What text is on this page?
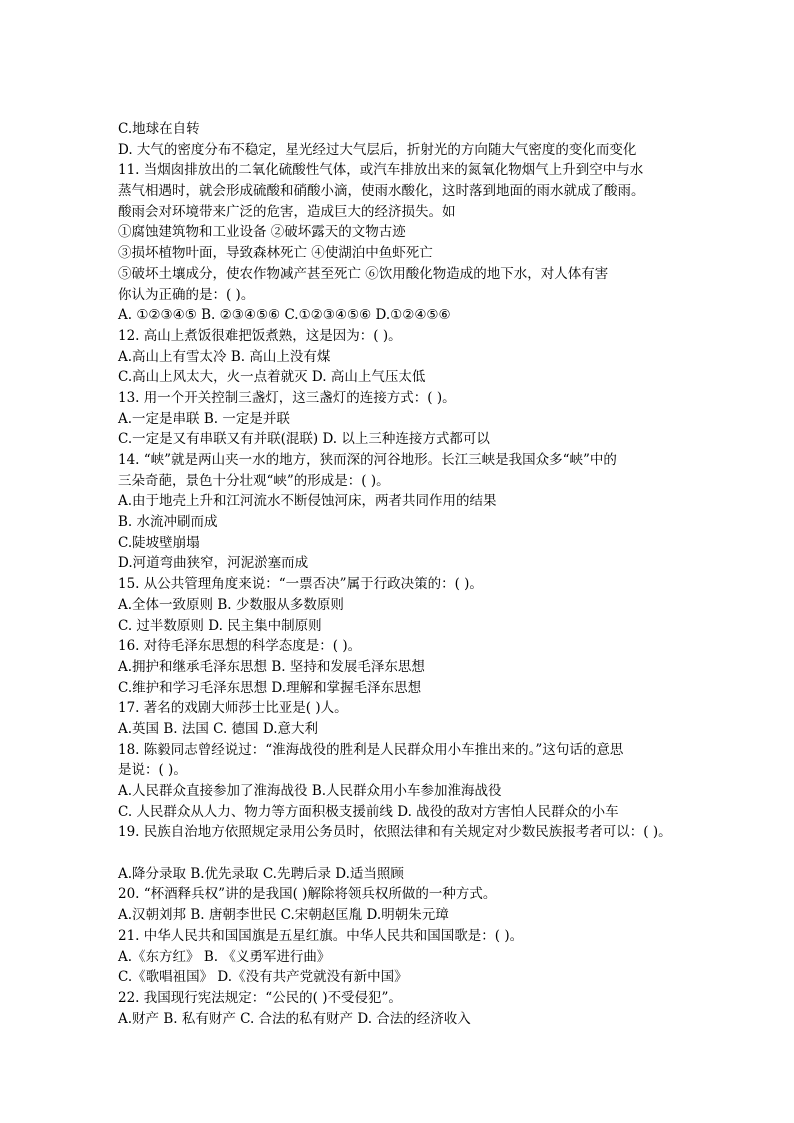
C.地球在自转
D. 大气的密度分布不稳定，星光经过大气层后，折射光的方向随大气密度的变化而变化
11. 当烟囱排放出的二氧化硫酸性气体，或汽车排放出来的氮氧化物烟气上升到空中与水
蒸气相遇时，就会形成硫酸和硝酸小滴，使雨水酸化，这时落到地面的雨水就成了酸雨。
酸雨会对环境带来广泛的危害，造成巨大的经济损失。如
①腐蚀建筑物和工业设备 ②破坏露天的文物古迹
③损坏植物叶面，导致森林死亡 ④使湖泊中鱼虾死亡
⑤破坏土壤成分，使农作物减产甚至死亡 ⑥饮用酸化物造成的地下水，对人体有害
你认为正确的是：( )。
A. ①②③④⑤ B. ②③④⑤⑥ C.①②③④⑤⑥ D.①②④⑤⑥
12. 高山上煮饭很难把饭煮熟，这是因为：( )。
A.高山上有雪太冷 B. 高山上没有煤
C.高山上风太大，火一点着就灭 D. 高山上气压太低
13. 用一个开关控制三盏灯，这三盏灯的连接方式：( )。
A.一定是串联 B. 一定是并联
C.一定是又有串联又有并联(混联) D. 以上三种连接方式都可以
14. “峡”就是两山夹一水的地方，狭而深的河谷地形。长江三峡是我国众多“峡”中的
三朵奇葩，景色十分壮观“峡”的形成是：( )。
A.由于地壳上升和江河流水不断侵蚀河床，两者共同作用的结果
B. 水流冲刷而成
C.陡坡壁崩塌
D.河道弯曲狭窄，河泥淤塞而成
15. 从公共管理角度来说：“一票否决”属于行政决策的：( )。
A.全体一致原则 B. 少数服从多数原则
C. 过半数原则 D. 民主集中制原则
16. 对待毛泽东思想的科学态度是：( )。
A.拥护和继承毛泽东思想 B. 坚持和发展毛泽东思想
C.维护和学习毛泽东思想 D.理解和掌握毛泽东思想
17. 著名的戏剧大师莎士比亚是( )人。
A.英国 B. 法国 C. 德国 D.意大利
18. 陈毅同志曾经说过：“淮海战役的胜利是人民群众用小车推出来的。”这句话的意思
是说：( )。
A.人民群众直接参加了淮海战役 B.人民群众用小车参加淮海战役
C. 人民群众从人力、物力等方面积极支援前线 D. 战役的敌对方害怕人民群众的小车
19. 民族自治地方依照规定录用公务员时，依照法律和有关规定对少数民族报考者可以：( )。
A.降分录取 B.优先录取 C.先聘后录 D.适当照顾
20. “杯酒释兵权”讲的是我国( )解除将领兵权所做的一种方式。
A.汉朝刘邦 B. 唐朝李世民 C.宋朝赵匡胤 D.明朝朱元璋
21. 中华人民共和国国旗是五星红旗。中华人民共和国国歌是：( )。
A.《东方红》 B. 《义勇军进行曲》
C.《歌唱祖国》 D.《没有共产党就没有新中国》
22. 我国现行宪法规定：“公民的( )不受侵犯”。
A.财产 B. 私有财产 C. 合法的私有财产 D. 合法的经济收入
